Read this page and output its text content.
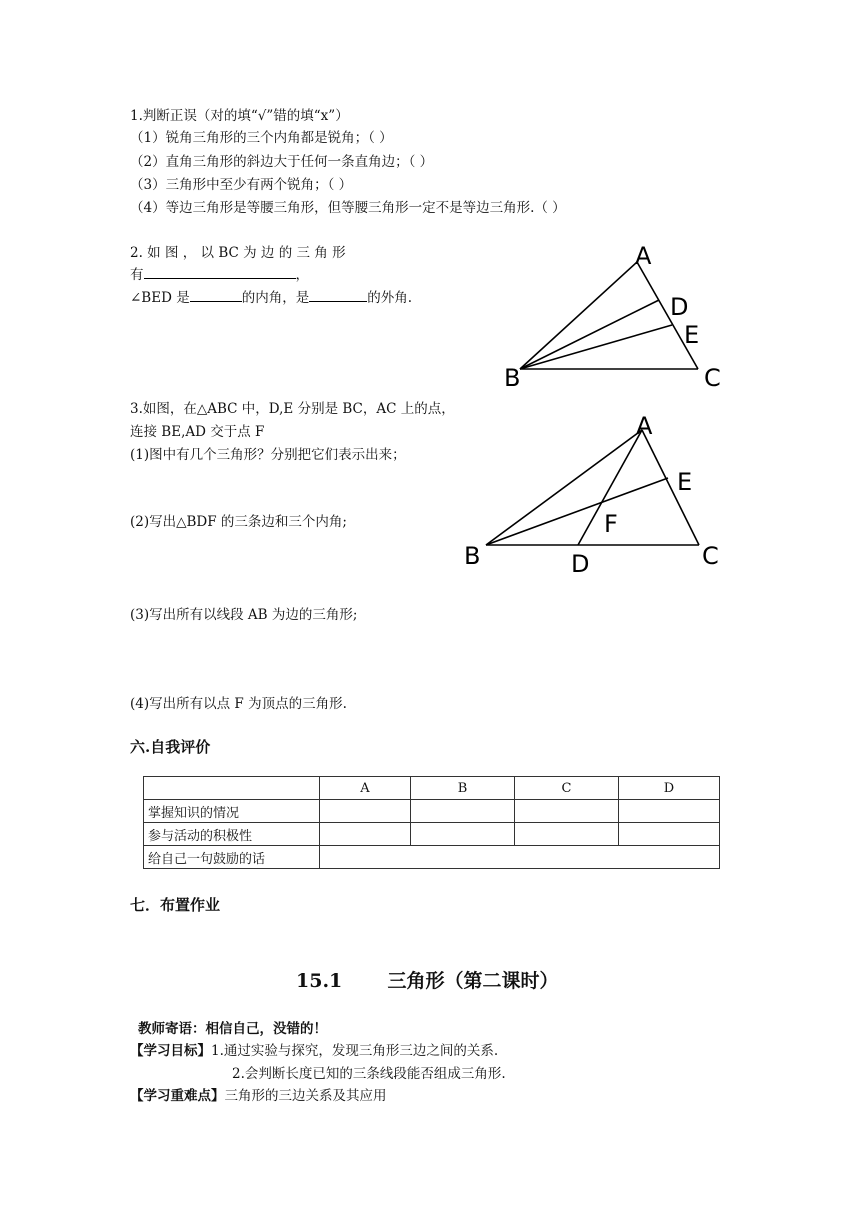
1.判断正误（对的填“√”错的填“x”）
（1）锐角三角形的三个内角都是锐角；（ ）
（2）直角三角形的斜边大于任何一条直角边；（ ）
（3）三角形中至少有两个锐角；（ ）
（4）等边三角形是等腰三角形，但等腰三角形一定不是等边三角形.（ ）
2. 如 图 ， 以 BC 为 边 的 三 角 形
有	，
∠BED 是	的内角，是	的外角.
A
D
E
B	C
3.如图，在△ABC 中，D,E 分别是 BC，AC 上的点，
连接 BE,AD 交于点 F
(1)图中有几个三角形？分别把它们表示出来；
(2)写出△BDF 的三条边和三个内角;
(3)写出所有以线段 AB 为边的三角形;
(4)写出所有以点 F 为顶点的三角形.
A
E
F
B	D	C
六.自我评价
	A	B	C	D
掌握知识的情况				
参与活动的积极性				
给自己一句鼓励的话				
七．布置作业
15.1 三角形（第二课时）
教师寄语：相信自己，没错的！
【学习目标】1.通过实验与探究，发现三角形三边之间的关系.
2.会判断长度已知的三条线段能否组成三角形.
【学习重难点】三角形的三边关系及其应用
